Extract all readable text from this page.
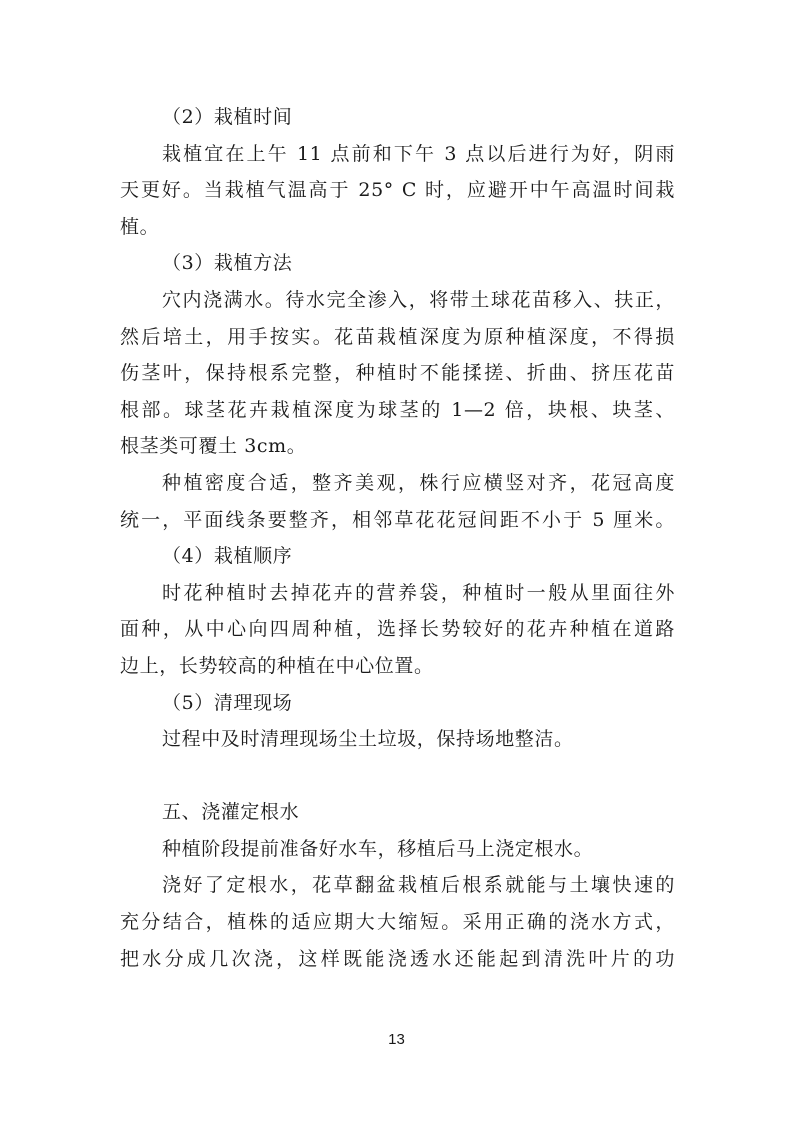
（2）栽植时间
栽植宜在上午 11 点前和下午 3 点以后进行为好，阴雨
天更好。当栽植气温高于 25° C 时，应避开中午高温时间栽
植。
（3）栽植方法
穴内浇满水。待水完全渗入，将带土球花苗移入、扶正，
然后培土，用手按实。花苗栽植深度为原种植深度，不得损
伤茎叶，保持根系完整，种植时不能揉搓、折曲、挤压花苗
根部。球茎花卉栽植深度为球茎的 1—2 倍，块根、块茎、
根茎类可覆土 3cm。
种植密度合适，整齐美观，株行应横竖对齐，花冠高度
统一，平面线条要整齐，相邻草花花冠间距不小于 5 厘米。
（4）栽植顺序
时花种植时去掉花卉的营养袋，种植时一般从里面往外
面种，从中心向四周种植，选择长势较好的花卉种植在道路
边上，长势较高的种植在中心位置。
（5）清理现场
过程中及时清理现场尘土垃圾，保持场地整洁。
五、浇灌定根水
种植阶段提前准备好水车，移植后马上浇定根水。
浇好了定根水，花草翻盆栽植后根系就能与土壤快速的
充分结合，植株的适应期大大缩短。采用正确的浇水方式，
把水分成几次浇，这样既能浇透水还能起到清洗叶片的功
13
